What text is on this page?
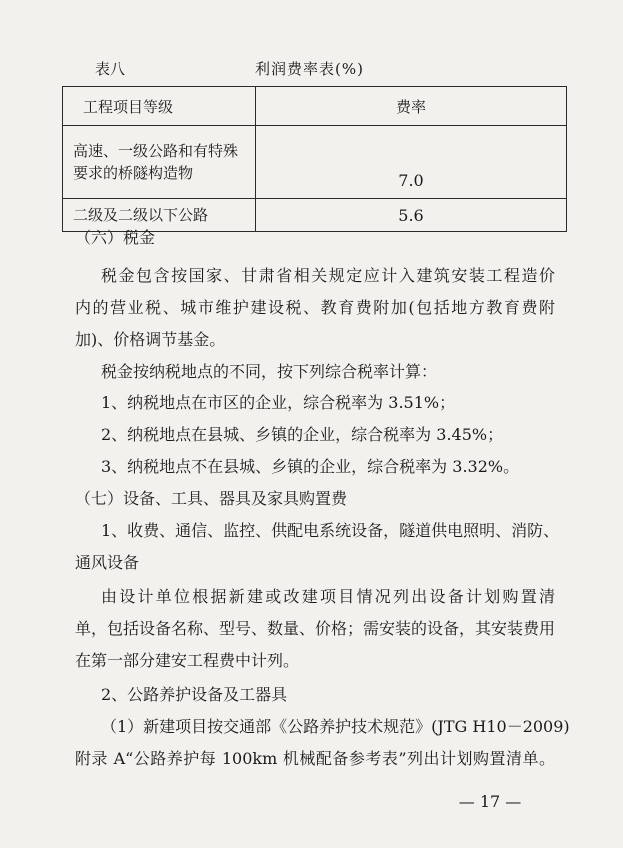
表八	利润费率表(%)
工程项目等级	费率
高速、一级公路和有特殊
要求的桥隧构造物	7.0
二级及二级以下公路	5.6
（六）税金
税金包含按国家、甘肃省相关规定应计入建筑安装工程造价
内的营业税、城市维护建设税、教育费附加(包括地方教育费附
加)、价格调节基金。
税金按纳税地点的不同，按下列综合税率计算：
1、纳税地点在市区的企业，综合税率为 3.51%；
2、纳税地点在县城、乡镇的企业，综合税率为 3.45%；
3、纳税地点不在县城、乡镇的企业，综合税率为 3.32%。
（七）设备、工具、器具及家具购置费
1、收费、通信、监控、供配电系统设备，隧道供电照明、消防、
通风设备
由设计单位根据新建或改建项目情况列出设备计划购置清
单，包括设备名称、型号、数量、价格；需安装的设备，其安装费用
在第一部分建安工程费中计列。
2、公路养护设备及工器具
（1）新建项目按交通部《公路养护技术规范》(JTG H10－2009)
附录 A“公路养护每 100km 机械配备参考表”列出计划购置清单。
— 17 —
